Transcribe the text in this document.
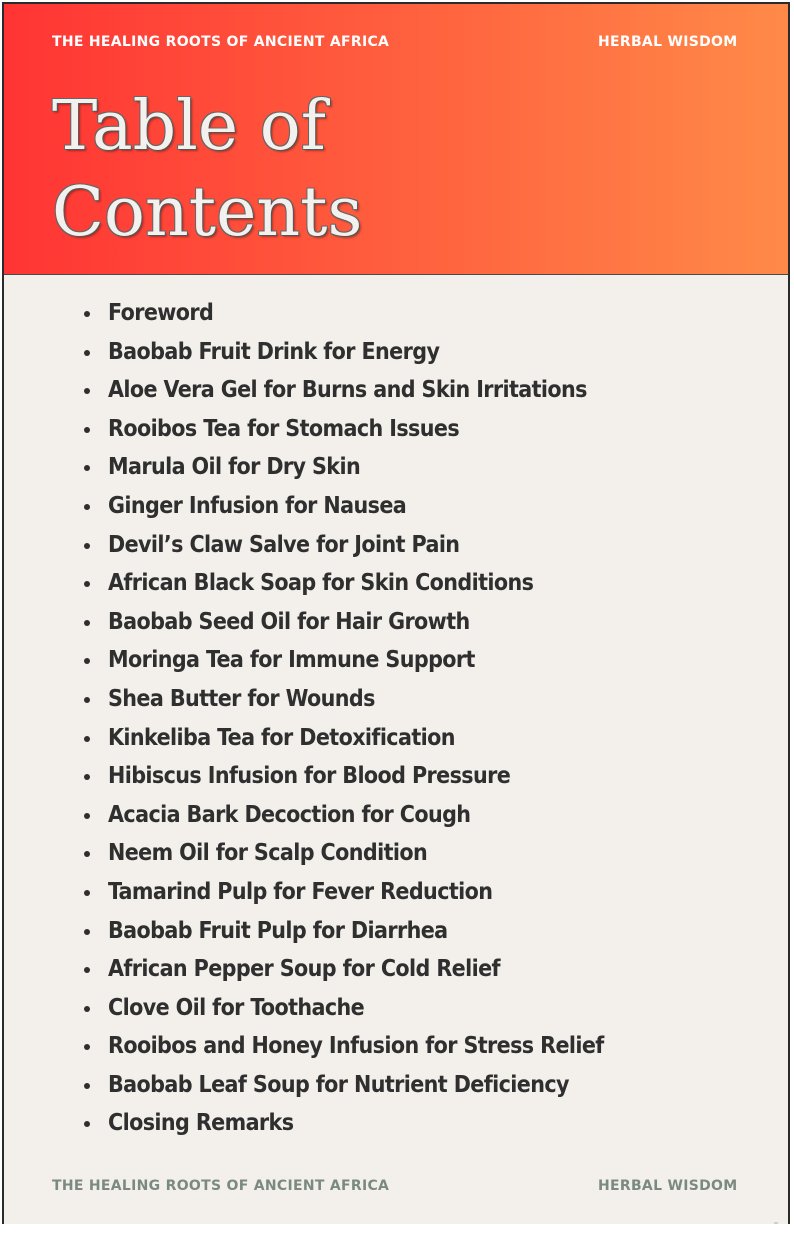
THE HEALING ROOTS OF ANCIENT AFRICA	HERBAL WISDOM
Table of
Contents
Foreword
Baobab Fruit Drink for Energy
Aloe Vera Gel for Burns and Skin Irritations
Rooibos Tea for Stomach Issues
Marula Oil for Dry Skin
Ginger Infusion for Nausea
Devil’s Claw Salve for Joint Pain
African Black Soap for Skin Conditions
Baobab Seed Oil for Hair Growth
Moringa Tea for Immune Support
Shea Butter for Wounds
Kinkeliba Tea for Detoxification
Hibiscus Infusion for Blood Pressure
Acacia Bark Decoction for Cough
Neem Oil for Scalp Condition
Tamarind Pulp for Fever Reduction
Baobab Fruit Pulp for Diarrhea
African Pepper Soup for Cold Relief
Clove Oil for Toothache
Rooibos and Honey Infusion for Stress Relief
Baobab Leaf Soup for Nutrient Deficiency
Closing Remarks
THE HEALING ROOTS OF ANCIENT AFRICA	HERBAL WISDOM
